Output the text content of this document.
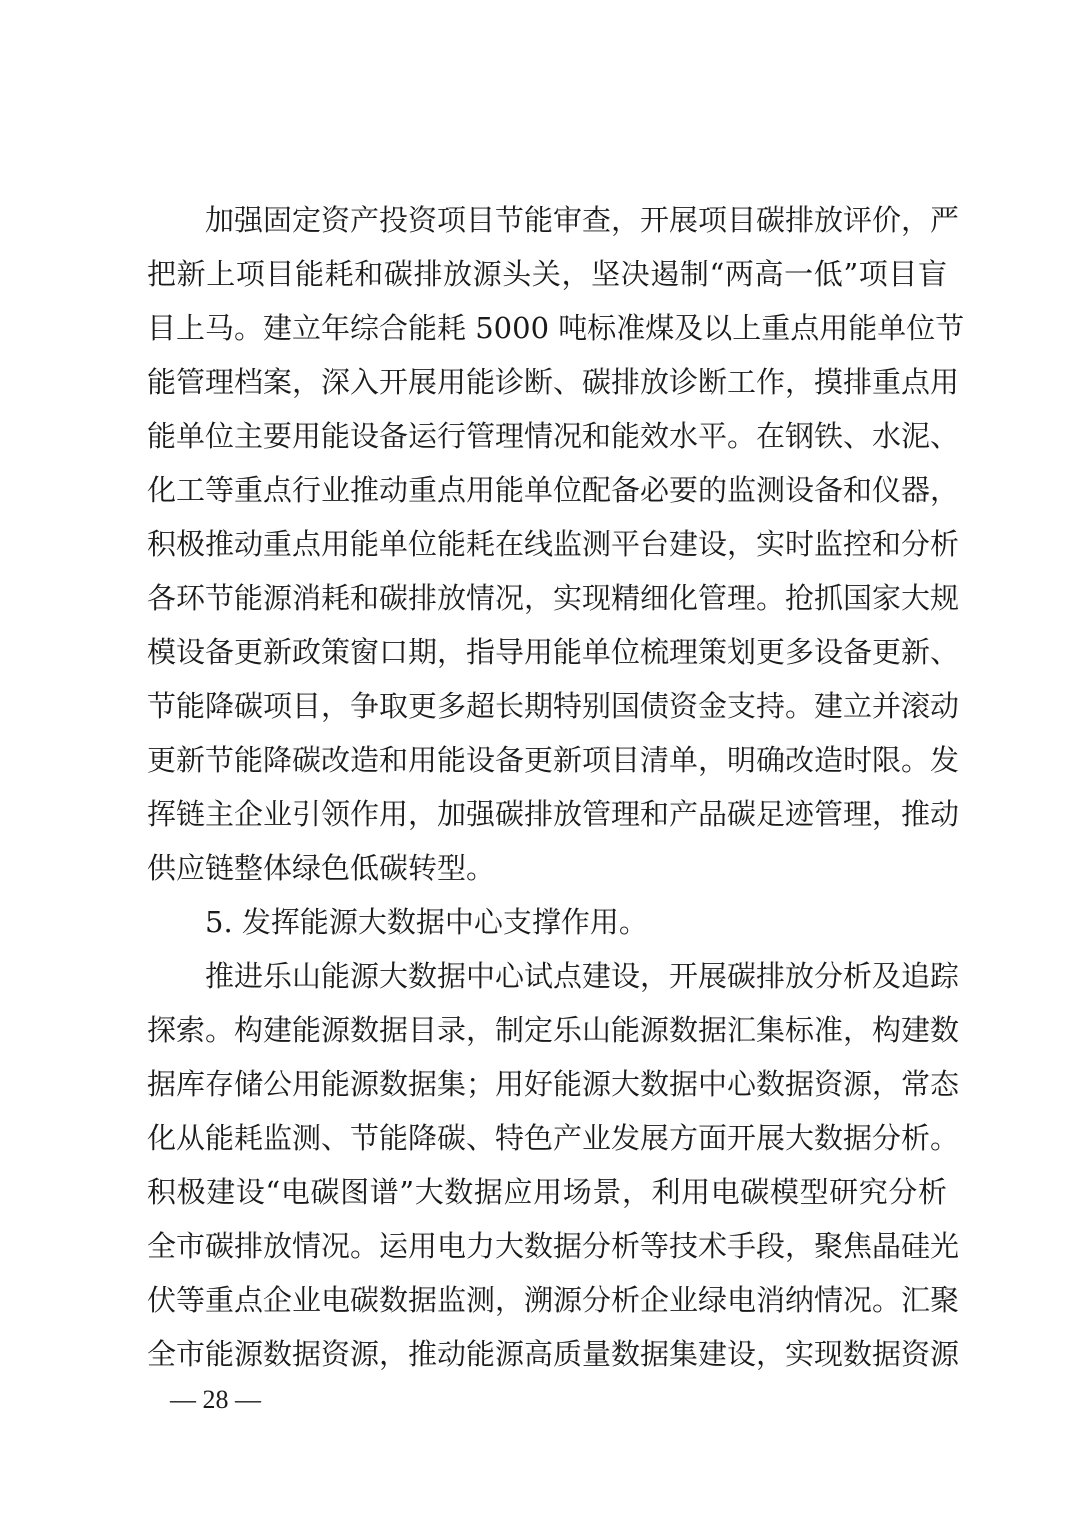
加强固定资产投资项目节能审查，开展项目碳排放评价，严
把新上项目能耗和碳排放源头关，坚决遏制“两高一低”项目盲
目上马。建立年综合能耗 5000 吨标准煤及以上重点用能单位节
能管理档案，深入开展用能诊断、碳排放诊断工作，摸排重点用
能单位主要用能设备运行管理情况和能效水平。在钢铁、水泥、
化工等重点行业推动重点用能单位配备必要的监测设备和仪器，
积极推动重点用能单位能耗在线监测平台建设，实时监控和分析
各环节能源消耗和碳排放情况，实现精细化管理。抢抓国家大规
模设备更新政策窗口期，指导用能单位梳理策划更多设备更新、
节能降碳项目，争取更多超长期特别国债资金支持。建立并滚动
更新节能降碳改造和用能设备更新项目清单，明确改造时限。发
挥链主企业引领作用，加强碳排放管理和产品碳足迹管理，推动
供应链整体绿色低碳转型。
5. 发挥能源大数据中心支撑作用。
推进乐山能源大数据中心试点建设，开展碳排放分析及追踪
探索。构建能源数据目录，制定乐山能源数据汇集标准，构建数
据库存储公用能源数据集；用好能源大数据中心数据资源，常态
化从能耗监测、节能降碳、特色产业发展方面开展大数据分析。
积极建设“电碳图谱”大数据应用场景，利用电碳模型研究分析
全市碳排放情况。运用电力大数据分析等技术手段，聚焦晶硅光
伏等重点企业电碳数据监测，溯源分析企业绿电消纳情况。汇聚
全市能源数据资源，推动能源高质量数据集建设，实现数据资源
— 28 —
